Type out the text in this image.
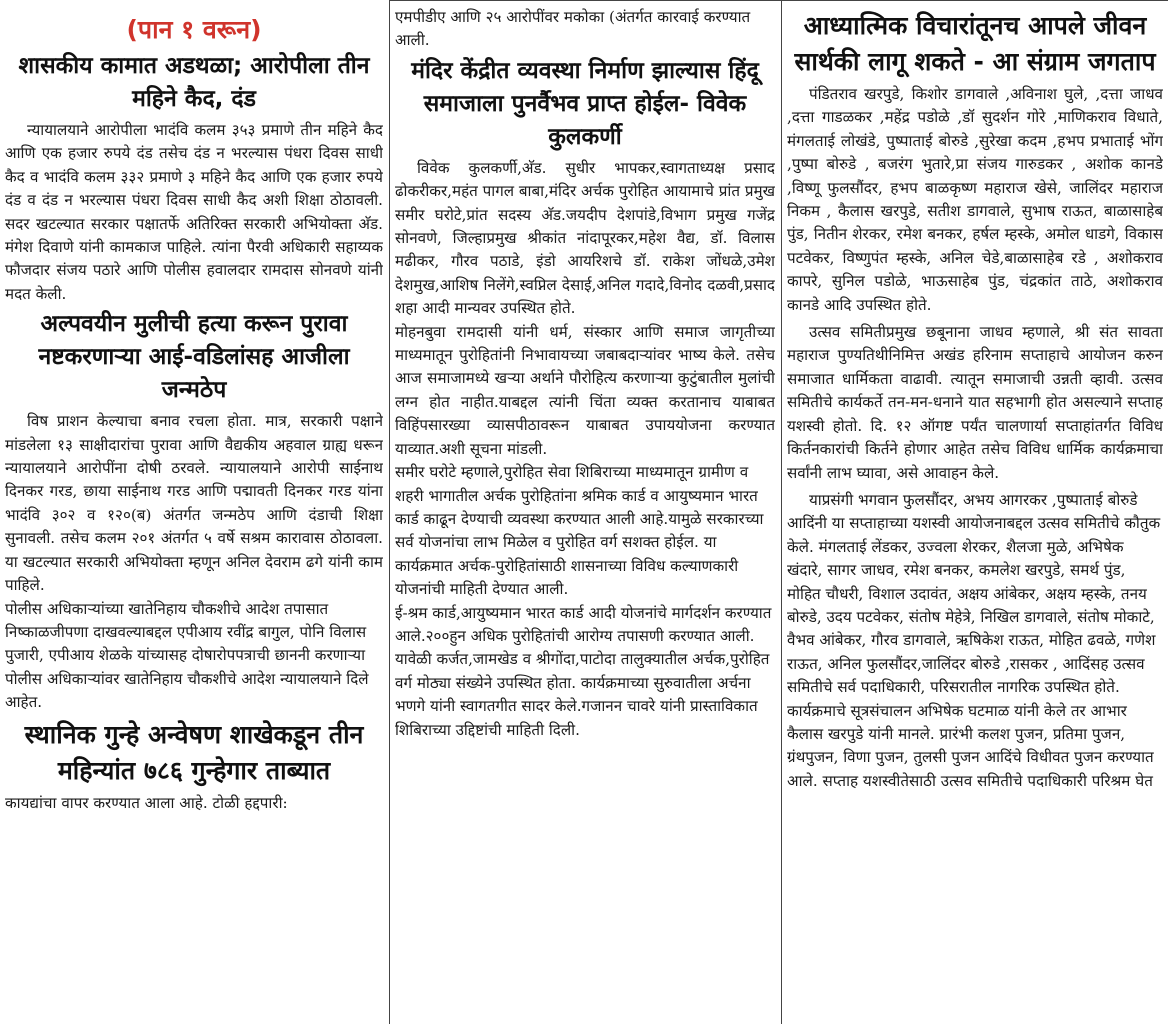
(पान १ वरून)
शासकीय कामात अडथळा; आरोपीला तीन महिने कैद, दंड

न्यायालयाने आरोपीला भादंवि कलम ३५३ प्रमाणे तीन महिने कैद आणि एक हजार रुपये दंड तसेच दंड न भरल्यास पंधरा दिवस साधी कैद व भादंवि कलम ३३२ प्रमाणे ३ महिने कैद आणि एक हजार रुपये दंड व दंड न भरल्यास पंधरा दिवस साधी कैद अशी शिक्षा ठोठावली. सदर खटल्यात सरकार पक्षातर्फे अतिरिक्त सरकारी अभियोक्ता अ‍ॅड. मंगेश दिवाणे यांनी कामकाज पाहिले. त्यांना पैरवी अधिकारी सहाय्यक फौजदार संजय पठारे आणि पोलीस हवालदार रामदास सोनवणे यांनी मदत केली.

अल्पवयीन मुलीची हत्या करून पुरावा नष्टकरणाऱ्या आई-वडिलांसह आजीला जन्मठेप

विष प्राशन केल्याचा बनाव रचला होता. मात्र, सरकारी पक्षाने मांडलेला १३ साक्षीदारांचा पुरावा आणि वैद्यकीय अहवाल ग्राह्य धरून न्यायालयाने आरोपींना दोषी ठरवले. न्यायालयाने आरोपी साईनाथ दिनकर गरड, छाया साईनाथ गरड आणि पद्मावती दिनकर गरड यांना भादंवि ३०२ व १२०(ब) अंतर्गत जन्मठेप आणि दंडाची शिक्षा सुनावली. तसेच कलम २०१ अंतर्गत ५ वर्षे सश्रम कारावास ठोठावला. या खटल्यात सरकारी अभियोक्ता म्हणून अनिल देवराम ढगे यांनी काम पाहिले.

पोलीस अधिकाऱ्यांच्या खातेनिहाय चौकशीचे आदेश तपासात निष्काळजीपणा दाखवल्याबद्दल एपीआय रवींद्र बागुल, पोनि विलास पुजारी, एपीआय शेळके यांच्यासह दोषारोपपत्राची छाननी करणाऱ्या पोलीस अधिकाऱ्यांवर खातेनिहाय चौकशीचे आदेश न्यायालयाने दिले आहेत.

स्थानिक गुन्हे अन्वेषण शाखेकडून तीन महिन्यांत ७८६ गुन्हेगार ताब्यात

कायद्यांचा वापर करण्यात आला आहे. टोळी हद्दपारी:

एमपीडीए आणि २५ आरोपींवर मकोका (अंतर्गत कारवाई करण्यात आली.

मंदिर केंद्रीत व्यवस्था निर्माण झाल्यास हिंदू समाजाला पुनर्वैभव प्राप्त होईल- विवेक कुलकर्णी

विवेक कुलकर्णी,अ‍ॅड. सुधीर भापकर,स्वागताध्यक्ष प्रसाद ढोकरीकर,महंत पागल बाबा,मंदिर अर्चक पुरोहित आयामाचे प्रांत प्रमुख समीर घरोटे,प्रांत सदस्य अ‍ॅड.जयदीप देशपांडे,विभाग प्रमुख गजेंद्र सोनवणे, जिल्हाप्रमुख श्रीकांत नांदापूरकर,महेश वैद्य, डॉ. विलास मढीकर, गौरव पठाडे, इंडो आयरिशचे डॉ. राकेश जोंधळे,उमेश देशमुख,आशिष निलेंगे,स्वप्निल देसाई,अनिल गदादे,विनोद दळवी,प्रसाद शहा आदी मान्यवर उपस्थित होते.

मोहनबुवा रामदासी यांनी धर्म, संस्कार आणि समाज जागृतीच्या माध्यमातून पुरोहितांनी निभावायच्या जबाबदाऱ्यांवर भाष्य केले. तसेच आज समाजामध्ये खऱ्या अर्थाने पौरोहित्य करणाऱ्या कुटुंबातील मुलांची लग्न होत नाहीत.याबद्दल त्यांनी चिंता व्यक्त करतानाच याबाबत विहिंपसारख्या व्यासपीठावरून याबाबत उपाययोजना करण्यात याव्यात.अशी सूचना मांडली.

समीर घरोटे म्हणाले,पुरोहित सेवा शिबिराच्या माध्यमातून ग्रामीण व शहरी भागातील अर्चक पुरोहितांना श्रमिक कार्ड व आयुष्यमान भारत कार्ड काढून देण्याची व्यवस्था करण्यात आली आहे.यामुळे सरकारच्या सर्व योजनांचा लाभ मिळेल व पुरोहित वर्ग सशक्त होईल. या कार्यक्रमात अर्चक-पुरोहितांसाठी शासनाच्या विविध कल्याणकारी योजनांची माहिती देण्यात आली.

ई-श्रम कार्ड,आयुष्यमान भारत कार्ड आदी योजनांचे मार्गदर्शन करण्यात आले.२००हुन अधिक पुरोहितांची आरोग्य तपासणी करण्यात आली. यावेळी कर्जत,जामखेड व श्रीगोंदा,पाटोदा तालुक्यातील अर्चक,पुरोहित वर्ग मोठ्या संख्येने उपस्थित होता. कार्यक्रमाच्या सुरुवातीला अर्चना भणगे यांनी स्वागतगीत सादर केले.गजानन चावरे यांनी प्रास्ताविकात शिबिराच्या उद्दिष्टांची माहिती दिली.

आध्यात्मिक विचारांतूनच आपले जीवन सार्थकी लागू शकते - आ संग्राम जगताप

पंडितराव खरपुडे, किशोर डागवाले ,अविनाश घुले, ,दत्ता जाधव ,दत्ता गाडळकर ,महेंद्र पडोळे ,डॉ सुदर्शन गोरे ,माणिकराव विधाते, मंगलताई लोखंडे, पुष्पाताई बोरुडे ,सुरेखा कदम ,हभप प्रभाताई भोंग ,पुष्पा बोरुडे , बजरंग भुतारे,प्रा संजय गारुडकर , अशोक कानडे ,विष्णू फुलसौंदर, हभप बाळकृष्ण महाराज खेसे, जालिंदर महाराज निकम , कैलास खरपुडे, सतीश डागवाले, सुभाष राऊत, बाळासाहेब पुंड, नितीन शेरकर, रमेश बनकर, हर्षल म्हस्के, अमोल धाडगे, विकास पटवेकर, विष्णुपंत म्हस्के, अनिल चेडे,बाळासाहेब रडे , अशोकराव कापरे, सुनिल पडोळे, भाऊसाहेब पुंड, चंद्रकांत ताठे, अशोकराव कानडे आदि उपस्थित होते.

उत्सव समितीप्रमुख छबूनाना जाधव म्हणाले, श्री संत सावता महाराज पुण्यतिथीनिमित्त अखंड हरिनाम सप्ताहाचे आयोजन करुन समाजात धार्मिकता वाढावी. त्यातून समाजाची उन्नती व्हावी. उत्सव समितीचे कार्यकर्ते तन-मन-धनाने यात सहभागी होत असल्याने सप्ताह यशस्वी होतो. दि. १२ ऑगष्ट पर्यंत चालणार्या सप्ताहांतर्गत विविध किर्तनकारांची किर्तने होणार आहेत तसेच विविध धार्मिक कार्यक्रमाचा सर्वांनी लाभ घ्यावा, असे आवाहन केले.

याप्रसंगी भगवान फुलसौंदर, अभय आगरकर ,पुष्पाताई बोरुडे आदिंनी या सप्ताहाच्या यशस्वी आयोजनाबद्दल उत्सव समितीचे कौतुक केले. मंगलताई लेंडकर, उज्वला शेरकर, शैलजा मुळे, अभिषेक खंदारे, सागर जाधव, रमेश बनकर, कमलेश खरपुडे, समर्थ पुंड, मोहित चौधरी, विशाल उदावंत, अक्षय आंबेकर, अक्षय म्हस्के, तनय बोरुडे, उदय पटवेकर, संतोष मेहेत्रे, निखिल डागवाले, संतोष मोकाटे, वैभव आंबेकर, गौरव डागवाले, ऋषिकेश राऊत, मोहित ढवळे, गणेश राऊत, अनिल फुलसौंदर,जालिंदर बोरुडे ,रासकर , आदिंसह उत्सव समितीचे सर्व पदाधिकारी, परिसरातील नागरिक उपस्थित होते. कार्यक्रमाचे सूत्रसंचालन अभिषेक घटमाळ यांनी केले तर आभार कैलास खरपुडे यांनी मानले. प्रारंभी कलश पुजन, प्रतिमा पुजन, ग्रंथपुजन, विणा पुजन, तुलसी पुजन आदिंचे विधीवत पुजन करण्यात आले. सप्ताह यशस्वीतेसाठी उत्सव समितीचे पदाधिकारी परिश्रम घेत
